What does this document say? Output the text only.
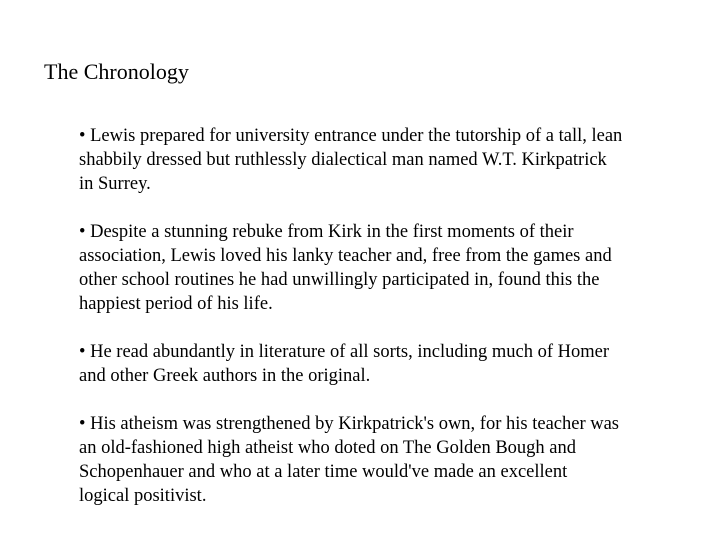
The Chronology
• Lewis prepared for university entrance under the tutorship of a tall, lean
shabbily dressed but ruthlessly dialectical man named W.T. Kirkpatrick
in Surrey.
• Despite a stunning rebuke from Kirk in the first moments of their
association, Lewis loved his lanky teacher and, free from the games and
other school routines he had unwillingly participated in, found this the
happiest period of his life.
• He read abundantly in literature of all sorts, including much of Homer
and other Greek authors in the original.
• His atheism was strengthened by Kirkpatrick's own, for his teacher was
an old-fashioned high atheist who doted on The Golden Bough and
Schopenhauer and who at a later time would've made an excellent
logical positivist.
